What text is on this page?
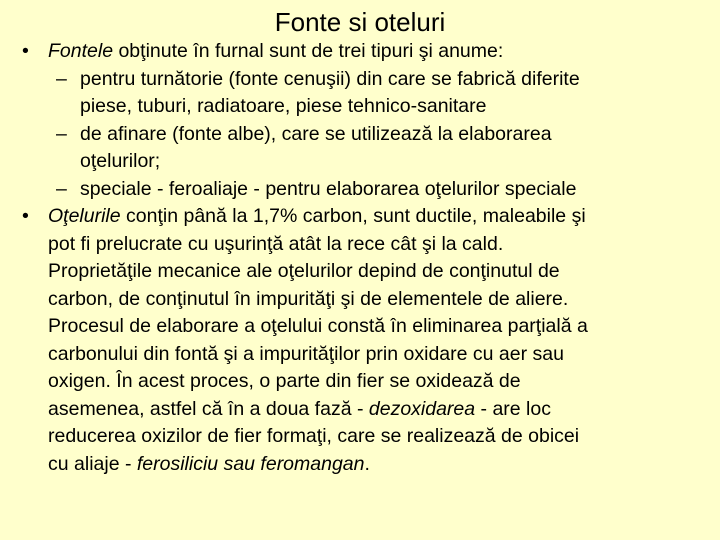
Fonte si oteluri
• Fontele obţinute în furnal sunt de trei tipuri şi anume:
– pentru turnătorie (fonte cenuşii) din care se fabrică diferite
piese, tuburi, radiatoare, piese tehnico-sanitare
– de afinare (fonte albe), care se utilizează la elaborarea
oţelurilor;
– speciale - feroaliaje - pentru elaborarea oţelurilor speciale
• Oţelurile conţin până la 1,7% carbon, sunt ductile, maleabile şi
pot fi prelucrate cu uşurinţă atât la rece cât şi la cald.
Proprietăţile mecanice ale oţelurilor depind de conţinutul de
carbon, de conţinutul în impurităţi şi de elementele de aliere.
Procesul de elaborare a oţelului constă în eliminarea parţială a
carbonului din fontă şi a impurităţilor prin oxidare cu aer sau
oxigen. În acest proces, o parte din fier se oxidează de
asemenea, astfel că în a doua fază - dezoxidarea - are loc
reducerea oxizilor de fier formaţi, care se realizează de obicei
cu aliaje - ferosiliciu sau feromangan.
